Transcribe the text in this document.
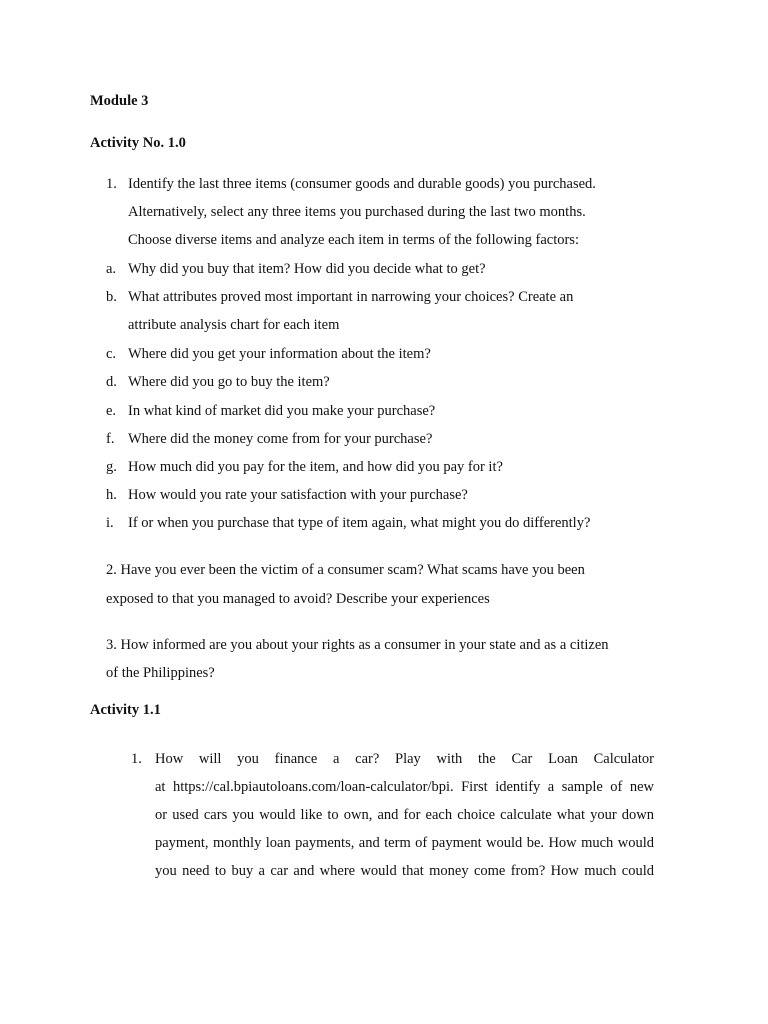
Module 3
Activity No. 1.0
1. Identify the last three items (consumer goods and durable goods) you purchased.
Alternatively, select any three items you purchased during the last two months.
Choose diverse items and analyze each item in terms of the following factors:
a. Why did you buy that item? How did you decide what to get?
b. What attributes proved most important in narrowing your choices? Create an
attribute analysis chart for each item
c. Where did you get your information about the item?
d. Where did you go to buy the item?
e. In what kind of market did you make your purchase?
f. Where did the money come from for your purchase?
g. How much did you pay for the item, and how did you pay for it?
h. How would you rate your satisfaction with your purchase?
i. If or when you purchase that type of item again, what might you do differently?
2. Have you ever been the victim of a consumer scam? What scams have you been
exposed to that you managed to avoid? Describe your experiences
3. How informed are you about your rights as a consumer in your state and as a citizen
of the Philippines?
Activity 1.1
1. How will you finance a car? Play with the Car Loan Calculator
at https://cal.bpiautoloans.com/loan-calculator/bpi. First identify a sample of new
or used cars you would like to own, and for each choice calculate what your down
payment, monthly loan payments, and term of payment would be. How much would
you need to buy a car and where would that money come from? How much could
